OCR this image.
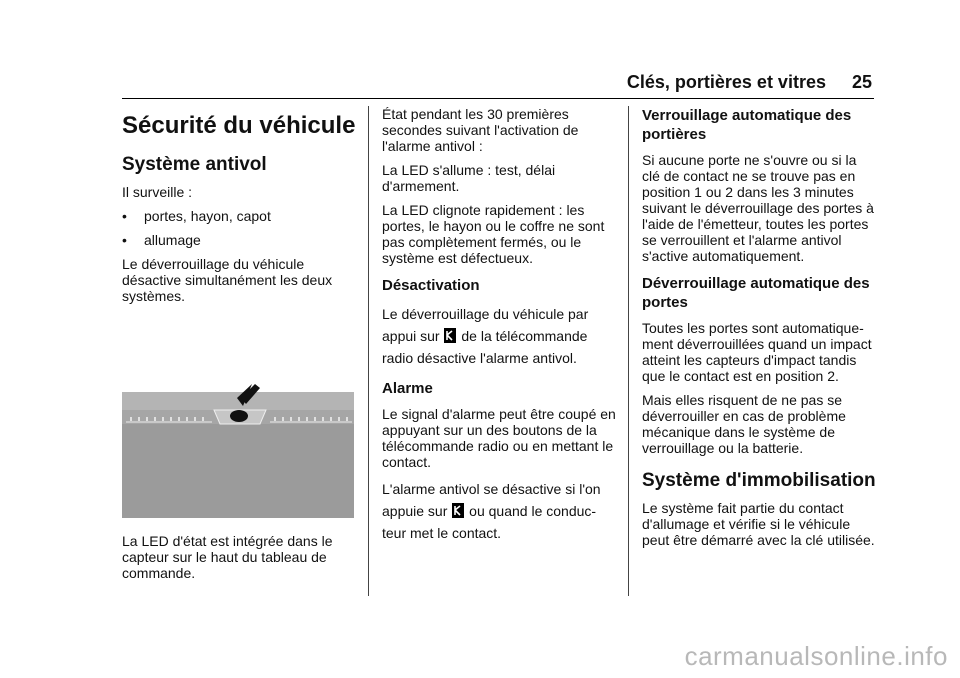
Clés, portières et vitres 25
Sécurité du véhicule
Système antivol

Il surveille :

•	portes, hayon, capot
•	allumage

Le déverrouillage du véhicule désactive simultanément les deux systèmes.

La LED d'état est intégrée dans le capteur sur le haut du tableau de commande.

État pendant les 30 premières secondes suivant l'activation de l'alarme antivol :

La LED s'allume : test, délai d'armement.

La LED clignote rapidement : les portes, le hayon ou le coffre ne sont pas complètement fermés, ou le système est défectueux.

Désactivation

Le déverrouillage du véhicule par appui sur de la télécommande radio désactive l'alarme antivol.

Alarme

Le signal d'alarme peut être coupé en appuyant sur un des boutons de la télécommande radio ou en mettant le contact.

L'alarme antivol se désactive si l'on appuie sur ou quand le conduc- teur met le contact.

Verrouillage automatique des portières

Si aucune porte ne s'ouvre ou si la clé de contact ne se trouve pas en position 1 ou 2 dans les 3 minutes suivant le déverrouillage des portes à l'aide de l'émetteur, toutes les portes se verrouillent et l'alarme antivol s'active automatiquement.

Déverrouillage automatique des portes

Toutes les portes sont automatique- ment déverrouillées quand un impact atteint les capteurs d'impact tandis que le contact est en position 2.

Mais elles risquent de ne pas se déverrouiller en cas de problème mécanique dans le système de verrouillage ou la batterie.

Système d'immobilisation

Le système fait partie du contact d'allumage et vérifie si le véhicule peut être démarré avec la clé utilisée.

carmanualsonline.info
